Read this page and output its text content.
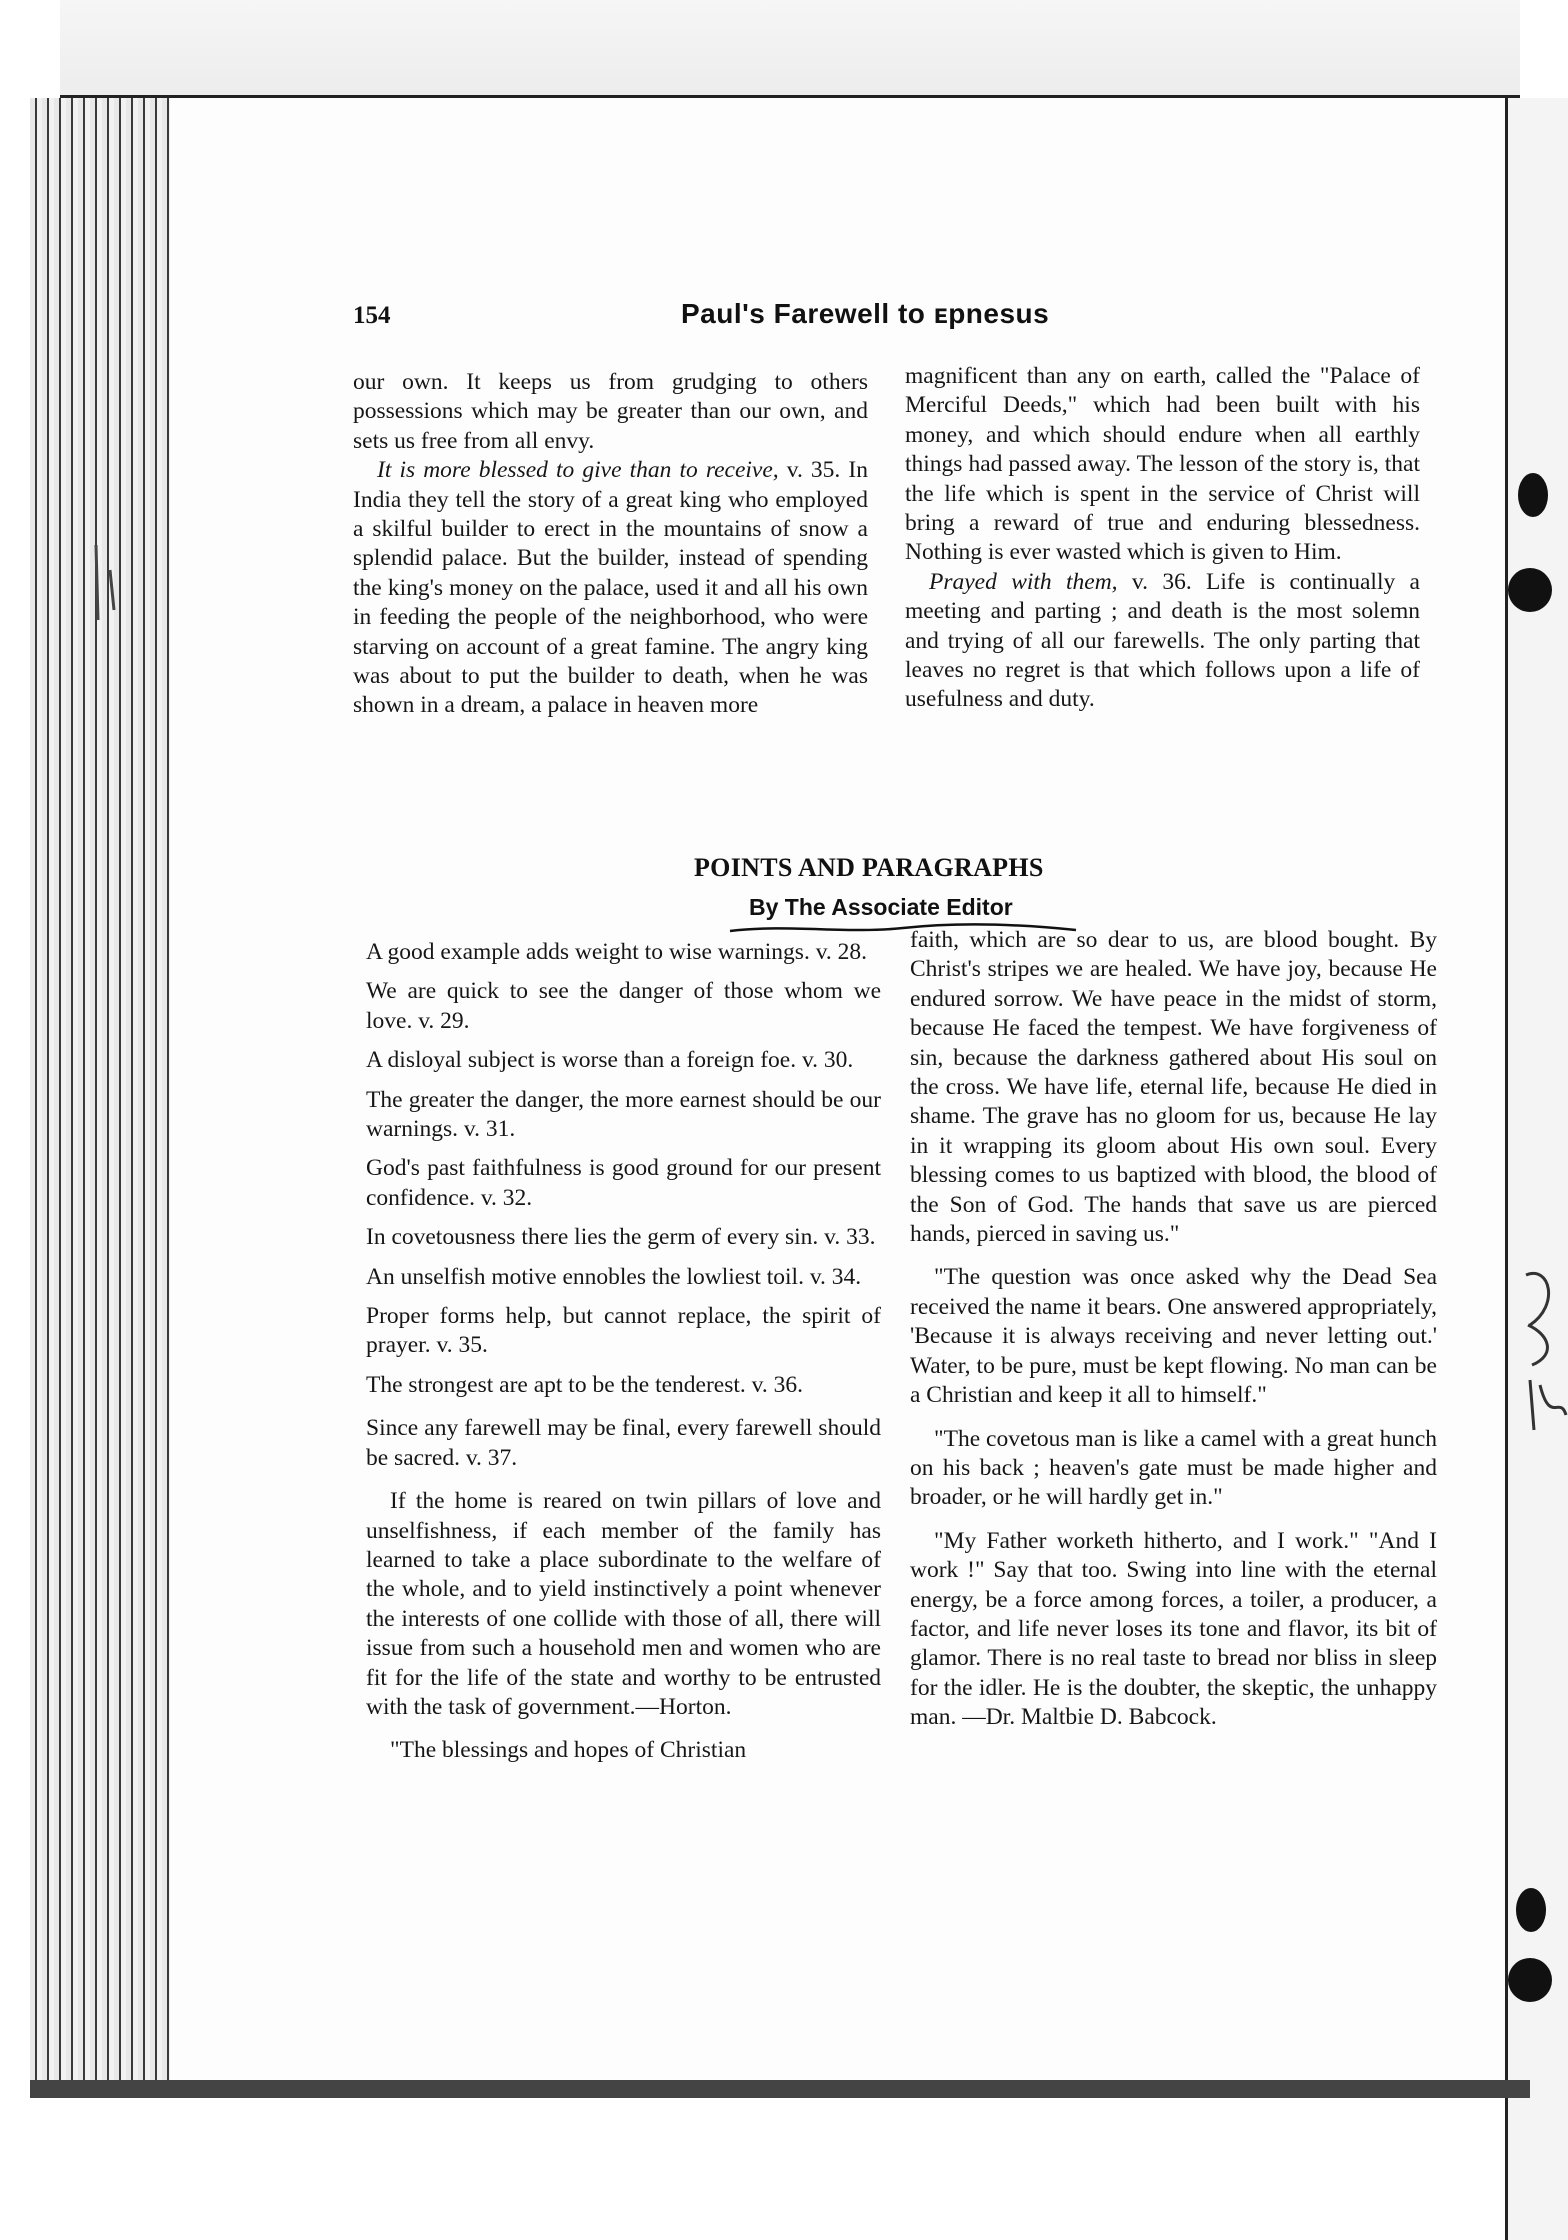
154	Paul's Farewell to ᴇpnesus

our own. It keeps us from grudging to others possessions which may be greater than our own, and sets us free from all envy.

It is more blessed to give than to receive, v. 35. In India they tell the story of a great king who employed a skilful builder to erect in the mountains of snow a splendid palace. But the builder, instead of spending the king's money on the palace, used it and all his own in feeding the people of the neighborhood, who were starving on account of a great famine. The angry king was about to put the builder to death, when he was shown in a dream, a palace in heaven more

magnificent than any on earth, called the "Palace of Merciful Deeds," which had been built with his money, and which should endure when all earthly things had passed away. The lesson of the story is, that the life which is spent in the service of Christ will bring a reward of true and enduring blessedness. Nothing is ever wasted which is given to Him.

Prayed with them, v. 36. Life is continually a meeting and parting ; and death is the most solemn and trying of all our farewells. The only parting that leaves no regret is that which follows upon a life of usefulness and duty.

POINTS AND PARAGRAPHS
By The Associate Editor

A good example adds weight to wise warnings. v. 28.

We are quick to see the danger of those whom we love. v. 29.

A disloyal subject is worse than a foreign foe. v. 30.

The greater the danger, the more earnest should be our warnings. v. 31.

God's past faithfulness is good ground for our present confidence. v. 32.

In covetousness there lies the germ of every sin. v. 33.

An unselfish motive ennobles the lowliest toil. v. 34.

Proper forms help, but cannot replace, the spirit of prayer. v. 35.

The strongest are apt to be the tenderest. v. 36.

Since any farewell may be final, every farewell should be sacred. v. 37.

If the home is reared on twin pillars of love and unselfishness, if each member of the family has learned to take a place subordinate to the welfare of the whole, and to yield instinctively a point whenever the interests of one collide with those of all, there will issue from such a household men and women who are fit for the life of the state and worthy to be entrusted with the task of government.—Horton.

"The blessings and hopes of Christian

faith, which are so dear to us, are blood bought. By Christ's stripes we are healed. We have joy, because He endured sorrow. We have peace in the midst of storm, because He faced the tempest. We have forgiveness of sin, because the darkness gathered about His soul on the cross. We have life, eternal life, because He died in shame. The grave has no gloom for us, because He lay in it wrapping its gloom about His own soul. Every blessing comes to us baptized with blood, the blood of the Son of God. The hands that save us are pierced hands, pierced in saving us."

"The question was once asked why the Dead Sea received the name it bears. One answered appropriately, 'Because it is always receiving and never letting out.' Water, to be pure, must be kept flowing. No man can be a Christian and keep it all to himself."

"The covetous man is like a camel with a great hunch on his back ; heaven's gate must be made higher and broader, or he will hardly get in."

"My Father worketh hitherto, and I work." "And I work !" Say that too. Swing into line with the eternal energy, be a force among forces, a toiler, a producer, a factor, and life never loses its tone and flavor, its bit of glamor. There is no real taste to bread nor bliss in sleep for the idler. He is the doubter, the skeptic, the unhappy man. —Dr. Maltbie D. Babcock.
